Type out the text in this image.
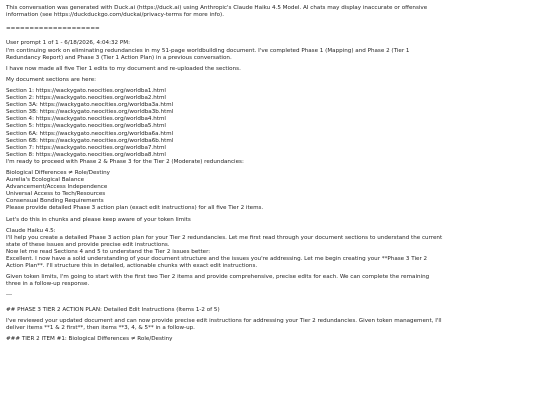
This conversation was generated with Duck.ai (https://duck.ai) using Anthropic's Claude Haiku 4.5 Model. AI chats may display inaccurate or offensive
information (see https://duckduckgo.com/duckai/privacy-terms for more info).
====================
User prompt 1 of 1 - 6/18/2026, 4:04:32 PM:
I'm continuing work on eliminating redundancies in my 51-page worldbuilding document. I've completed Phase 1 (Mapping) and Phase 2 (Tier 1
Redundancy Report) and Phase 3 (Tier 1 Action Plan) in a previous conversation.
I have now made all five Tier 1 edits to my document and re-uploaded the sections.
My document sections are here:
Section 1: https://wackygato.neocities.org/worldba1.html
Section 2: https://wackygato.neocities.org/worldba2.html
Section 3A: https://wackygato.neocities.org/worldba3a.html
Section 3B: https://wackygato.neocities.org/worldba3b.html
Section 4: https://wackygato.neocities.org/worldba4.html
Section 5: https://wackygato.neocities.org/worldba5.html
Section 6A: https://wackygato.neocities.org/worldba6a.html
Section 6B: https://wackygato.neocities.org/worldba6b.html
Section 7: https://wackygato.neocities.org/worldba7.html
Section 8: https://wackygato.neocities.org/worldba8.html
I'm ready to proceed with Phase 2 & Phase 3 for the Tier 2 (Moderate) redundancies:
Biological Differences ≠ Role/Destiny
Aurelia's Ecological Balance
Advancement/Access Independence
Universal Access to Tech/Resources
Consensual Bonding Requirements
Please provide detailed Phase 3 action plan (exact edit instructions) for all five Tier 2 items.
Let's do this in chunks and please keep aware of your token limits
Claude Haiku 4.5:
I'll help you create a detailed Phase 3 action plan for your Tier 2 redundancies. Let me first read through your document sections to understand the current
state of these issues and provide precise edit instructions.
Now let me read Sections 4 and 5 to understand the Tier 2 issues better:
Excellent. I now have a solid understanding of your document structure and the issues you're addressing. Let me begin creating your **Phase 3 Tier 2
Action Plan**. I'll structure this in detailed, actionable chunks with exact edit instructions.
Given token limits, I'm going to start with the first two Tier 2 items and provide comprehensive, precise edits for each. We can complete the remaining
three in a follow-up response.
---
## PHASE 3 TIER 2 ACTION PLAN: Detailed Edit Instructions (Items 1-2 of 5)
I've reviewed your updated document and can now provide precise edit instructions for addressing your Tier 2 redundancies. Given token management, I'll
deliver items **1 & 2 first**, then items **3, 4, & 5** in a follow-up.
### TIER 2 ITEM #1: Biological Differences ≠ Role/Destiny
